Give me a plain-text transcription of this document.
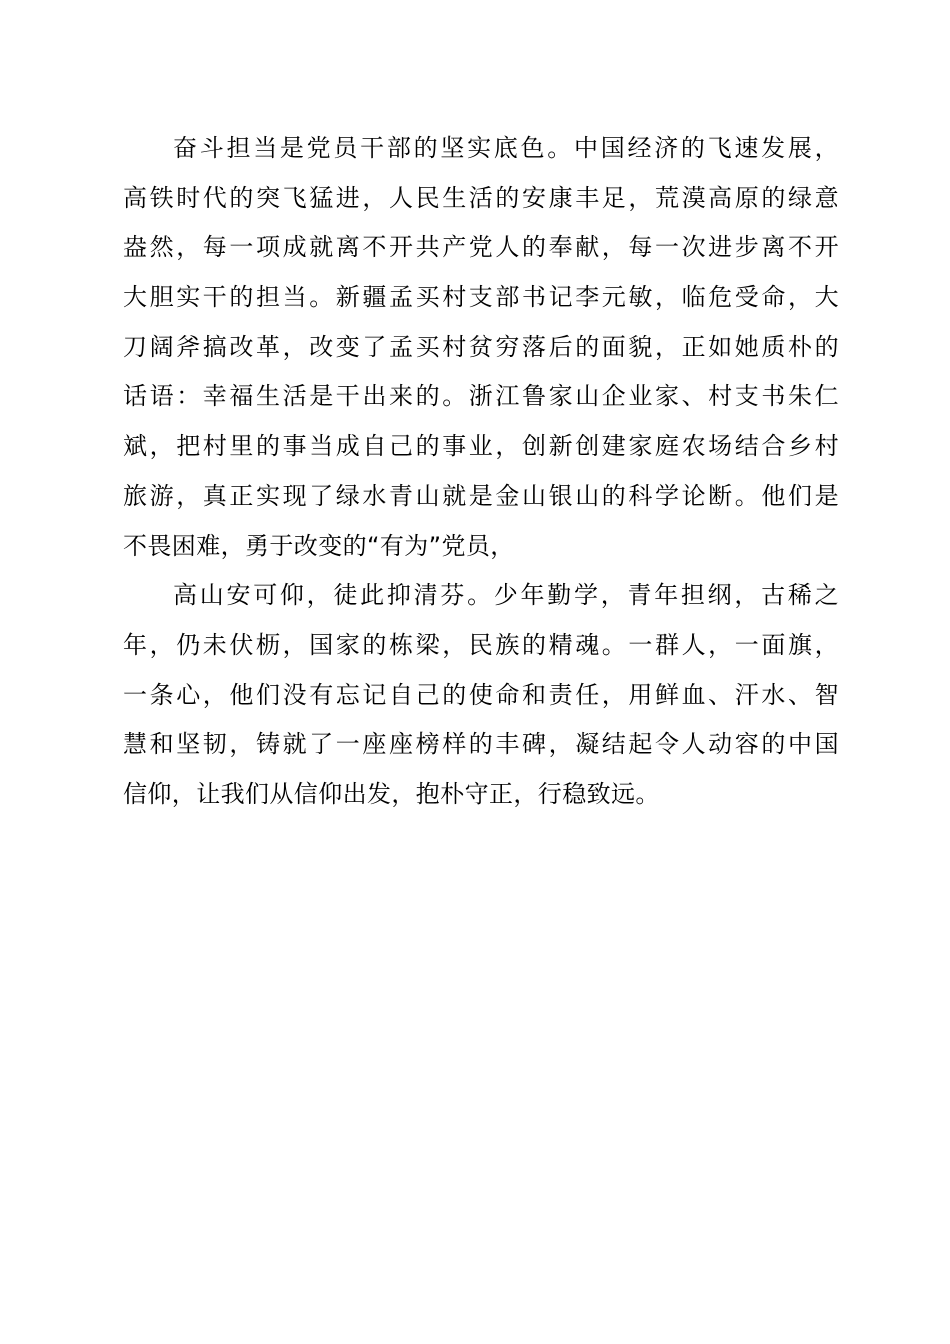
奋斗担当是党员干部的坚实底色。中国经济的飞速发展，
高铁时代的突飞猛进，人民生活的安康丰足，荒漠高原的绿意
盎然，每一项成就离不开共产党人的奉献，每一次进步离不开
大胆实干的担当。新疆孟买村支部书记李元敏，临危受命，大
刀阔斧搞改革，改变了孟买村贫穷落后的面貌，正如她质朴的
话语：幸福生活是干出来的。浙江鲁家山企业家、村支书朱仁
斌，把村里的事当成自己的事业，创新创建家庭农场结合乡村
旅游，真正实现了绿水青山就是金山银山的科学论断。他们是
不畏困难，勇于改变的“有为”党员，
高山安可仰，徒此抑清芬。少年勤学，青年担纲，古稀之
年，仍未伏枥，国家的栋梁，民族的精魂。一群人，一面旗，
一条心，他们没有忘记自己的使命和责任，用鲜血、汗水、智
慧和坚韧，铸就了一座座榜样的丰碑，凝结起令人动容的中国
信仰，让我们从信仰出发，抱朴守正，行稳致远。
